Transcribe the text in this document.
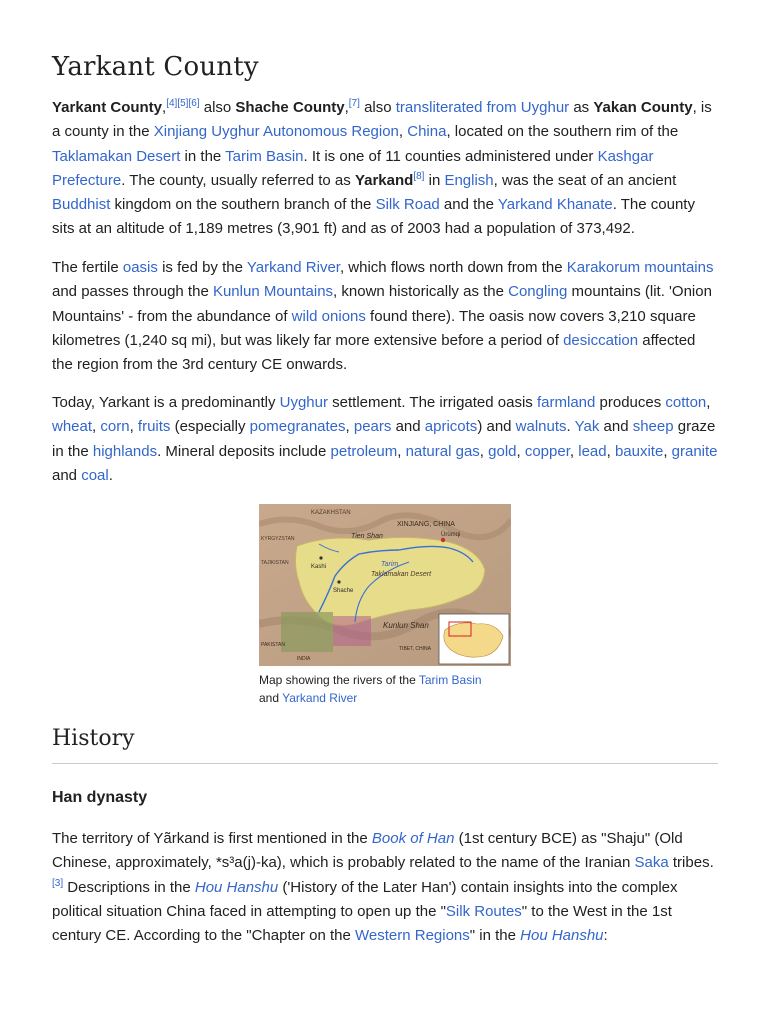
Yarkant County

Yarkant County,[4][5][6] also Shache County,[7] also transliterated from Uyghur as Yakan County, is a county in the Xinjiang Uyghur Autonomous Region, China, located on the southern rim of the Taklamakan Desert in the Tarim Basin. It is one of 11 counties administered under Kashgar Prefecture. The county, usually referred to as Yarkand[8] in English, was the seat of an ancient Buddhist kingdom on the southern branch of the Silk Road and the Yarkand Khanate. The county sits at an altitude of 1,189 metres (3,901 ft) and as of 2003 had a population of 373,492.

The fertile oasis is fed by the Yarkand River, which flows north down from the Karakorum mountains and passes through the Kunlun Mountains, known historically as the Congling mountains (lit. 'Onion Mountains' - from the abundance of wild onions found there). The oasis now covers 3,210 square kilometres (1,240 sq mi), but was likely far more extensive before a period of desiccation affected the region from the 3rd century CE onwards.

Today, Yarkant is a predominantly Uyghur settlement. The irrigated oasis farmland produces cotton, wheat, corn, fruits (especially pomegranates, pears and apricots) and walnuts. Yak and sheep graze in the highlands. Mineral deposits include petroleum, natural gas, gold, copper, lead, bauxite, granite and coal.

KAZAKHSTAN
XINJIANG, CHINA
Ürümqi
KYRGYZSTAN
TAJIKISTAN
Kashi
Shache
Tarim
Taklamakan Desert
Tien Shan
Kunlun Shan
PAKISTAN
INDIA
TIBET, CHINA
Map showing the rivers of the Tarim Basin and Yarkand River
History
Han dynasty

The territory of Yãrkand is first mentioned in the Book of Han (1st century BCE) as "Shaju" (Old Chinese, approximately, *s³a(j)-ka), which is probably related to the name of the Iranian Saka tribes.[3] Descriptions in the Hou Hanshu ('History of the Later Han') contain insights into the complex political situation China faced in attempting to open up the "Silk Routes" to the West in the 1st century CE. According to the "Chapter on the Western Regions" in the Hou Hanshu:
